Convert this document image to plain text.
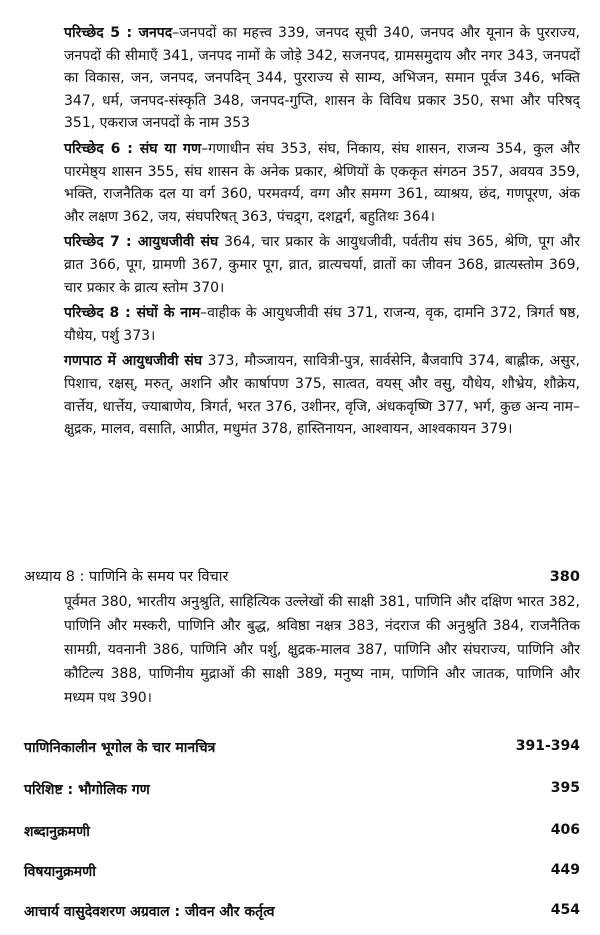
परिच्छेद 5 : जनपद–जनपदों का महत्त्व 339, जनपद सूची 340, जनपद और यूनान के पुरराज्य, जनपदों की सीमाएँ 341, जनपद नामों के जोड़े 342, सजनपद, ग्रामसमुदाय और नगर 343, जनपदों का विकास, जन, जनपद, जनपदिन् 344, पुरराज्य से साम्य, अभिजन, समान पूर्वज 346, भक्ति 347, धर्म, जनपद-संस्कृति 348, जनपद-गुप्ति, शासन के विविध प्रकार 350, सभा और परिषद् 351, एकराज जनपदों के नाम 353

परिच्छेद 6 : संघ या गण–गणाधीन संघ 353, संघ, निकाय, संघ शासन, राजन्य 354, कुल और पारमेष्ठ्य शासन 355, संघ शासन के अनेक प्रकार, श्रेणियों के एककृत संगठन 357, अवयव 359, भक्ति, राजनैतिक दल या वर्ग 360, परमवर्ग्य, वग्ग और समग्ग 361, व्याश्रय, छंद, गणपूरण, अंक और लक्षण 362, जय, संघपरिषत् 363, पंचद्र्ग, दशद्वर्ग, बहुतिथः 364।

परिच्छेद 7 : आयुधजीवी संघ 364, चार प्रकार के आयुधजीवी, पर्वतीय संघ 365, श्रेणि, पूग और व्रात 366, पूग, ग्रामणी 367, कुमार पूग, व्रात, व्रात्यचर्या, व्रातों का जीवन 368, व्रात्यस्तोम 369, चार प्रकार के व्रात्य स्तोम 370।

परिच्छेद 8 : संघों के नाम–वाहीक के आयुधजीवी संघ 371, राजन्य, वृक, दामनि 372, त्रिगर्त षष्ठ, यौधेय, पर्शु 373।

गणपाठ में आयुधजीवी संघ 373, मौञ्जायन, सावित्री-पुत्र, सार्वसेनि, बैजवापि 374, बाह्लीक, असुर, पिशाच, रक्षस्, मरुत्, अशनि और कार्षापण 375, सात्वत, वयस् और वसु, यौधेय, शौभ्रेय, शौक्रेय, वार्त्तेय, धार्त्तेय, ज्याबाणेय, त्रिगर्त, भरत 376, उशीनर, वृजि, अंधकवृष्णि 377, भर्ग, कुछ अन्य नाम–क्षुद्रक, मालव, वसाति, आप्रीत, मधुमंत 378, हास्तिनायन, आश्वायन, आश्वकायन 379।

अध्याय 8 : पाणिनि के समय पर विचार	380
पूर्वमत 380, भारतीय अनुश्रुति, साहित्यिक उल्लेखों की साक्षी 381, पाणिनि और दक्षिण भारत 382, पाणिनि और मस्करी, पाणिनि और बुद्ध, श्रविष्ठा नक्षत्र 383, नंदराज की अनुश्रुति 384, राजनैतिक सामग्री, यवनानी 386, पाणिनि और पर्शु, क्षुद्रक-मालव 387, पाणिनि और संघराज्य, पाणिनि और कौटिल्य 388, पाणिनीय मुद्राओं की साक्षी 389, मनुष्य नाम, पाणिनि और जातक, पाणिनि और मध्यम पथ 390।
पाणिनिकालीन भूगोल के चार मानचित्र	391-394
परिशिष्ट : भौगोलिक गण	395
शब्दानुक्रमणी	406
विषयानुक्रमणी	449
आचार्य वासुदेवशरण अग्रवाल : जीवन और कर्तृत्व	454
